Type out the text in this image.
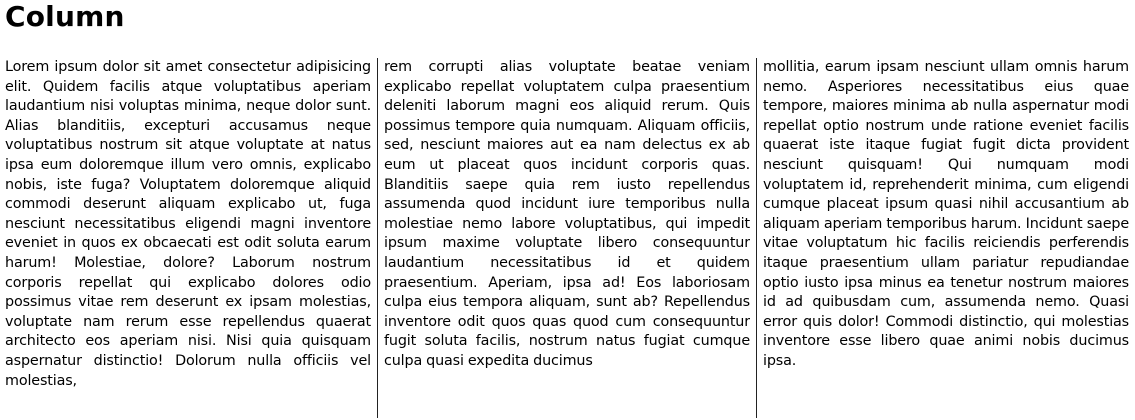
Column

Lorem ipsum dolor sit amet consectetur adipisicing elit. Quidem facilis atque voluptatibus aperiam laudantium nisi voluptas minima, neque dolor sunt. Alias blanditiis, excepturi accusamus neque voluptatibus nostrum sit atque voluptate at natus ipsa eum doloremque illum vero omnis, explicabo nobis, iste fuga? Voluptatem doloremque aliquid commodi deserunt aliquam explicabo ut, fuga nesciunt necessitatibus eligendi magni inventore eveniet in quos ex obcaecati est odit soluta earum harum! Molestiae, dolore? Laborum nostrum corporis repellat qui explicabo dolores odio possimus vitae rem deserunt ex ipsam molestias, voluptate nam rerum esse repellendus quaerat architecto eos aperiam nisi. Nisi quia quisquam aspernatur distinctio! Dolorum nulla officiis vel molestias,

rem corrupti alias voluptate beatae veniam explicabo repellat voluptatem culpa praesentium deleniti laborum magni eos aliquid rerum. Quis possimus tempore quia numquam. Aliquam officiis, sed, nesciunt maiores aut ea nam delectus ex ab eum ut placeat quos incidunt corporis quas. Blanditiis saepe quia rem iusto repellendus assumenda quod incidunt iure temporibus nulla molestiae nemo labore voluptatibus, qui impedit ipsum maxime voluptate libero consequuntur laudantium necessitatibus id et quidem praesentium. Aperiam, ipsa ad! Eos laboriosam culpa eius tempora aliquam, sunt ab? Repellendus inventore odit quos quas quod cum consequuntur fugit soluta facilis, nostrum natus fugiat cumque culpa quasi expedita ducimus

mollitia, earum ipsam nesciunt ullam omnis harum nemo. Asperiores necessitatibus eius quae tempore, maiores minima ab nulla aspernatur modi repellat optio nostrum unde ratione eveniet facilis quaerat iste itaque fugiat fugit dicta provident nesciunt quisquam! Qui numquam modi voluptatem id, reprehenderit minima, cum eligendi cumque placeat ipsum quasi nihil accusantium ab aliquam aperiam temporibus harum. Incidunt saepe vitae voluptatum hic facilis reiciendis perferendis itaque praesentium ullam pariatur repudiandae optio iusto ipsa minus ea tenetur nostrum maiores id ad quibusdam cum, assumenda nemo. Quasi error quis dolor! Commodi distinctio, qui molestias inventore esse libero quae animi nobis ducimus ipsa.
